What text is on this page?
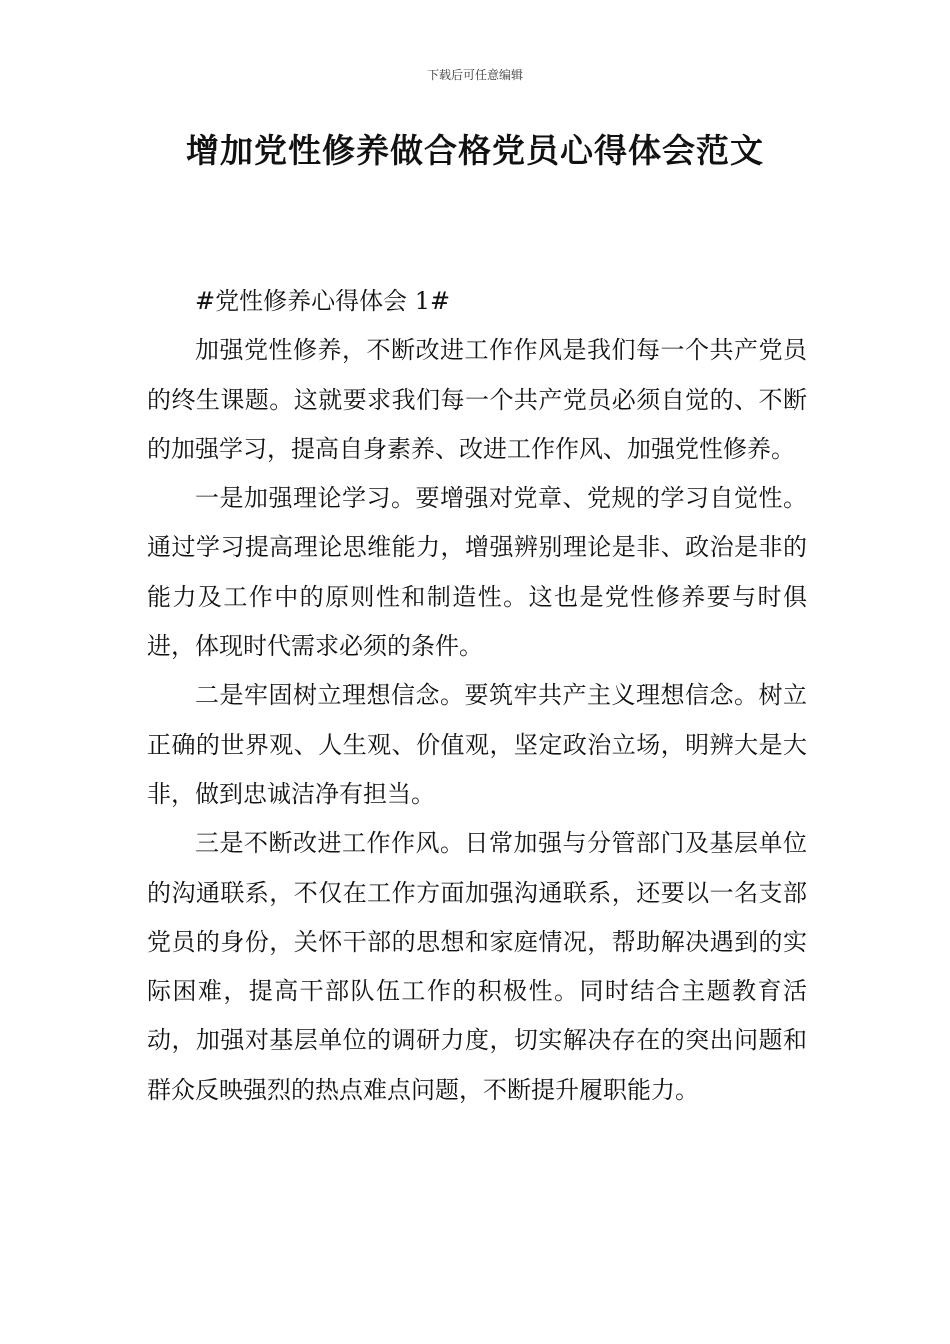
下载后可任意编辑
增加党性修养做合格党员心得体会范文

#党性修养心得体会 1#

加强党性修养，不断改进工作作风是我们每一个共产党员的终生课题。这就要求我们每一个共产党员必须自觉的、不断的加强学习，提高自身素养、改进工作作风、加强党性修养。

一是加强理论学习。要增强对党章、党规的学习自觉性。通过学习提高理论思维能力，增强辨别理论是非、政治是非的能力及工作中的原则性和制造性。这也是党性修养要与时俱进，体现时代需求必须的条件。

二是牢固树立理想信念。要筑牢共产主义理想信念。树立正确的世界观、人生观、价值观，坚定政治立场，明辨大是大非，做到忠诚洁净有担当。

三是不断改进工作作风。日常加强与分管部门及基层单位的沟通联系，不仅在工作方面加强沟通联系，还要以一名支部党员的身份，关怀干部的思想和家庭情况，帮助解决遇到的实际困难，提高干部队伍工作的积极性。同时结合主题教育活动，加强对基层单位的调研力度，切实解决存在的突出问题和群众反映强烈的热点难点问题，不断提升履职能力。
